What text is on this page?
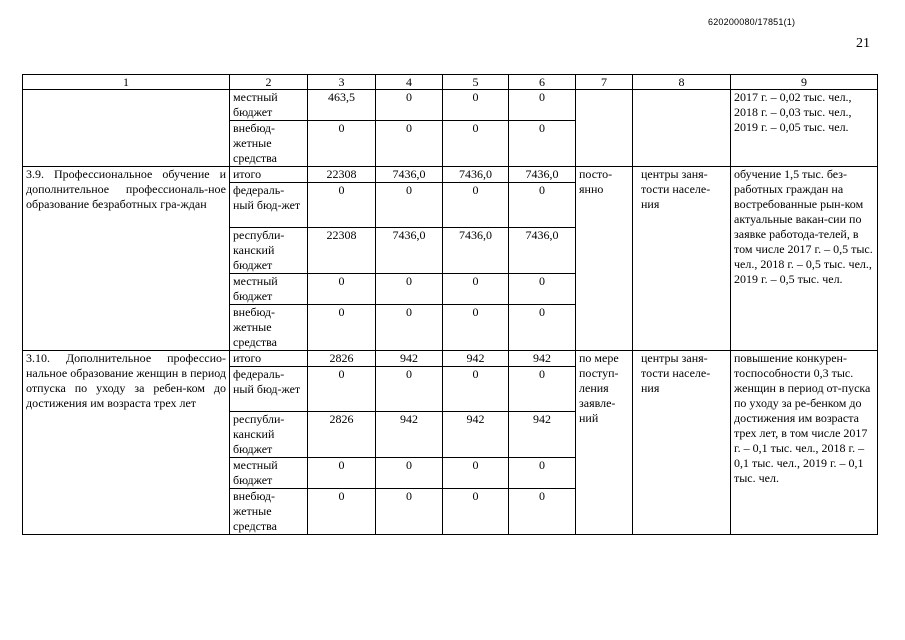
620200080/17851(1)
21
1	2	3	4	5	6	7	8	9
	местный бюджет	463,5	0	0	0			2017 г. – 0,02 тыс. чел., 2018 г. – 0,03 тыс. чел., 2019 г. – 0,05 тыс. чел.
	внебюд-жетные средства	0	0	0	0			
3.9. Профессиональное обучение и дополнительное профессиональ-ное образование безработных гра-ждан	итого	22308	7436,0	7436,0	7436,0	посто-янно	центры заня-тости населе-ния	обучение 1,5 тыс. без-работных граждан на востребованные рын-ком актуальные вакан-сии по заявке работода-телей, в том числе 2017 г. – 0,5 тыс. чел., 2018 г. – 0,5 тыс. чел., 2019 г. – 0,5 тыс. чел.
	федераль-ный бюд-жет	0	0	0	0			
	республи-канский бюджет	22308	7436,0	7436,0	7436,0			
	местный бюджет	0	0	0	0			
	внебюд-жетные средства	0	0	0	0			
3.10. Дополнительное профессио-нальное образование женщин в период отпуска по уходу за ребен-ком до достижения им возраста трех лет	итого	2826	942	942	942	по мере поступ-ления заявле-ний	центры заня-тости населе-ния	повышение конкурен-тоспособности 0,3 тыс. женщин в период от-пуска по уходу за ре-бенком до достижения им возраста трех лет, в том числе 2017 г. – 0,1 тыс. чел., 2018 г. – 0,1 тыс. чел., 2019 г. – 0,1 тыс. чел.
	федераль-ный бюд-жет	0	0	0	0			
	республи-канский бюджет	2826	942	942	942			
	местный бюджет	0	0	0	0			
	внебюд-жетные средства	0	0	0	0			
